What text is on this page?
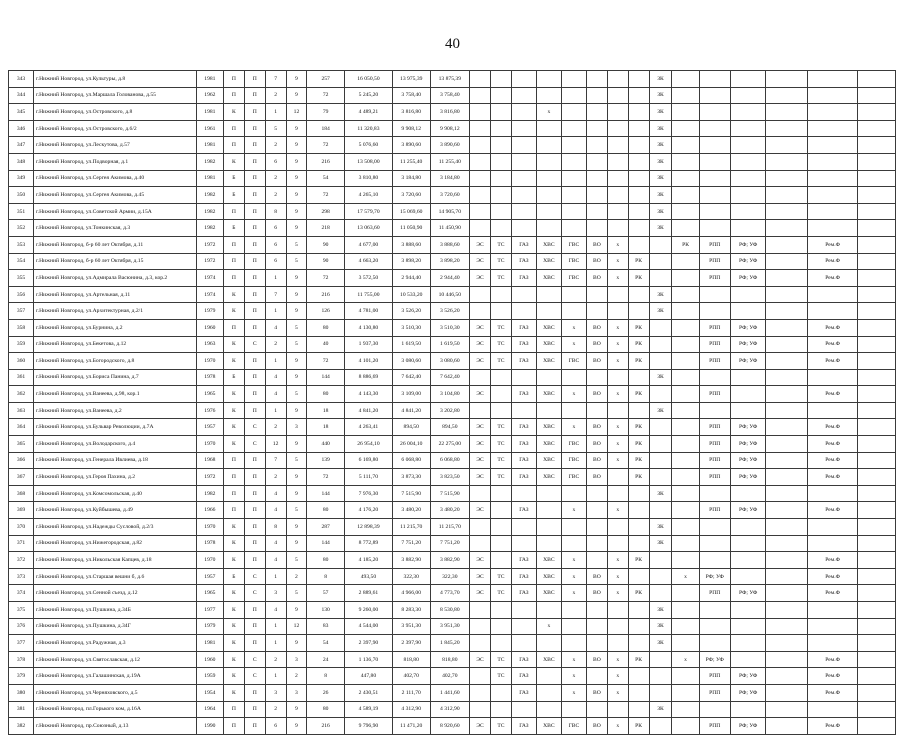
40
343	г.Нижний Новгород, ул.Культуры, д.8	1981	П	П	7	9	257	16 050,50	13 975,39	13 875,39									ЗК						
344	г.Нижний Новгород, ул.Маршала Голованова, д.55	1962	П	П	2	9	72	5 245,20	3 758,40	3 758,40									ЗК						
345	г.Нижний Новгород, ул.Островского, д.8	1981	К	П	1	12	79	4 489,21	3 816,80	3 816,80				х					ЗК						
346	г.Нижний Новгород, ул.Островского, д.6/2	1961	П	П	5	9	184	11 320,83	9 908,12	9 908,12									ЗК						
347	г.Нижний Новгород, ул.Лескутова, д.57	1981	П	П	2	9	72	5 076,60	3 890,60	3 890,60									ЗК						
348	г.Нижний Новгород, ул.Подворная, д.1	1982	К	П	6	9	216	13 508,00	11 255,40	11 255,40									ЗК						
349	г.Нижний Новгород, ул.Сергея Акимова, д.40	1981	Б	П	2	9	54	3 810,80	3 184,80	3 184,80									ЗК						
350	г.Нижний Новгород, ул.Сергея Акимова, д.45	1982	Б	П	2	9	72	4 265,10	3 720,60	3 720,60									ЗК						
351	г.Нижний Новгород, ул.Советской Армии, д.15А	1982	П	П	8	9	298	17 579,70	15 069,60	14 905,70									ЗК						
352	г.Нижний Новгород, ул.Тонкинская, д.3	1982	Б	П	6	9	218	13 063,60	11 050,90	11 450,90									ЗК						
353	г.Нижний Новгород, б-р 60 лет Октября, д.11	1972	П	П	6	5	90	4 677,00	3 888,60	3 888,60	ЭС	ТС	ГАЗ	ХВС	ГВС	ВО	х			РК	РПП	РФ; УФ		Рем.Ф	
354	г.Нижний Новгород, б-р 60 лет Октября, д.15	1972	П	П	6	5	90	4 663,20	3 898,20	3 898,20	ЭС	ТС	ГАЗ	ХВС	ГВС	ВО	х	РК			РПП	РФ; УФ		Рем.Ф	
355	г.Нижний Новгород, ул.Адмирала Васюнина, д.3, кор.2	1974	П	П	1	9	72	3 572,50	2 944,40	2 944,40	ЭС	ТС	ГАЗ	ХВС	ГВС	ВО	х	РК			РПП	РФ; УФ		Рем.Ф	
356	г.Нижний Новгород, ул.Артельная, д.11	1974	К	П	7	9	216	11 755,00	10 533,20	10 446,50									ЗК						
357	г.Нижний Новгород, ул.Архитектурная, д.2/1	1979	К	П	1	9	126	4 781,00	3 526,20	3 526,20									ЗК						
358	г.Нижний Новгород, ул.Бурнина, д.2	1960	П	П	4	5	80	4 130,80	3 510,30	3 510,30	ЭС	ТС	ГАЗ	ХВС	х	ВО	х	РК			РПП	РФ; УФ		Рем.Ф	
359	г.Нижний Новгород, ул.Бекетова, д.12	1963	К	С	2	5	40	1 937,30	1 619,50	1 619,50	ЭС	ТС	ГАЗ	ХВС	х	ВО	х	РК			РПП	РФ; УФ		Рем.Ф	
360	г.Нижний Новгород, ул.Богородского, д.8	1970	К	П	1	9	72	4 101,20	3 080,60	3 080,60	ЭС	ТС	ГАЗ	ХВС	ГВС	ВО	х	РК			РПП	РФ; УФ		Рем.Ф	
361	г.Нижний Новгород, ул.Бориса Панина, д.7	1978	Б	П	4	9	144	8 886,69	7 642,40	7 642,40									ЗК						
362	г.Нижний Новгород, ул.Ванеева, д.98, кор.1	1965	К	П	4	5	80	4 143,30	3 109,00	3 104,80	ЭС		ГАЗ	ХВС	х	ВО	х	РК			РПП			Рем.Ф	
363	г.Нижний Новгород, ул.Ванеева, д.2	1976	К	П	1	9	18	4 841,20	4 841,20	3 202,80									ЗК						
364	г.Нижний Новгород, ул.Бульвар Революции, д.7А	1957	К	С	2	3	18	4 263,41	894,50	894,50	ЭС	ТС	ГАЗ	ХВС	х	ВО	х	РК			РПП	РФ; УФ		Рем.Ф	
365	г.Нижний Новгород, ул.Володарского, д.4	1970	К	С	12	9	440	26 954,10	26 004,10	22 275,00	ЭС	ТС	ГАЗ	ХВС	ГВС	ВО	х	РК			РПП	РФ; УФ		Рем.Ф	
366	г.Нижний Новгород, ул.Генерала Ивлиева, д.18	1968	П	П	7	5	139	6 169,80	6 068,80	6 068,80	ЭС	ТС	ГАЗ	ХВС	ГВС	ВО	х	РК			РПП	РФ; УФ		Рем.Ф	
367	г.Нижний Новгород, ул.Героя Пахина, д.2	1972	П	П	2	9	72	5 111,70	3 873,30	3 823,50	ЭС	ТС	ГАЗ	ХВС	ГВС	ВО		РК			РПП	РФ; УФ		Рем.Ф	
368	г.Нижний Новгород, ул.Комсомольская, д.40	1982	П	П	4	9	144	7 976,30	7 515,90	7 515,90									ЗК						
369	г.Нижний Новгород, ул.Куйбышева, д.49	1966	П	П	4	5	80	4 176,20	3 480,20	3 480,20	ЭС		ГАЗ		х		х				РПП	РФ; УФ		Рем.Ф	
370	г.Нижний Новгород, ул.Надежды Сусловой, д.2/3	1970	К	П	8	9	287	12 898,39	11 215,70	11 215,70									ЗК						
371	г.Нижний Новгород, ул.Нижегородская, д.82	1978	К	П	4	9	144	8 772,89	7 751,20	7 751,20									ЗК						
372	г.Нижний Новгород, ул.Никольская Капцев, д.18	1970	К	П	4	5	80	4 185,20	3 882,90	3 882,90	ЭС		ГАЗ	ХВС	х		х	РК						Рем.Ф	
373	г.Нижний Новгород, ул.Старшая вешни б, д.6	1957	Б	С	1	2	8	493,50	322,30	322,30	ЭС	ТС	ГАЗ	ХВС	х	ВО	х			х	РФ; УФ			Рем.Ф	
374	г.Нижний Новгород, ул.Сенной съезд, д.12	1965	К	С	3	5	57	2 889,61	4 966,00	4 773,70	ЭС	ТС	ГАЗ	ХВС	х	ВО	х	РК			РПП	РФ; УФ		Рем.Ф	
375	г.Нижний Новгород, ул.Пушкина, д.34Б	1977	К	П	4	9	130	9 260,00	8 283,30	8 530,80									ЗК						
376	г.Нижний Новгород, ул.Пушкина, д.34Г	1979	К	П	1	12	83	4 544,00	3 951,30	3 951,30				х					ЗК						
377	г.Нижний Новгород, ул.Радужная, д.3	1981	К	П	1	9	54	2 397,90	2 397,90	1 845,20									ЗК						
378	г.Нижний Новгород, ул.Святославская, д.12	1960	К	С	2	3	24	1 136,70	818,80	818,80	ЭС	ТС	ГАЗ	ХВС	х	ВО	х	РК		х	РФ; УФ			Рем.Ф	
379	г.Нижний Новгород, ул.Галашинская, д.19А	1959	К	С	1	2	8	447,80	402,70	402,70		ТС	ГАЗ		х		х				РПП	РФ; УФ		Рем.Ф	
380	г.Нижний Новгород, ул.Черняховского, д.5	1954	К	П	3	3	26	2 430,51	2 111,70	1 441,60			ГАЗ		х	ВО	х				РПП	РФ; УФ		Рем.Ф	
381	г.Нижний Новгород, пл.Горького ком, д.16А	1964	П	П	2	9	80	4 589,19	4 312,90	4 312,90									ЗК						
382	г.Нижний Новгород, пр.Союзный, д.13	1990	П	П	6	9	216	9 796,90	11 471,20	8 920,60	ЭС	ТС	ГАЗ	ХВС	ГВС	ВО	х	РК			РПП	РФ; УФ		Рем.Ф	
